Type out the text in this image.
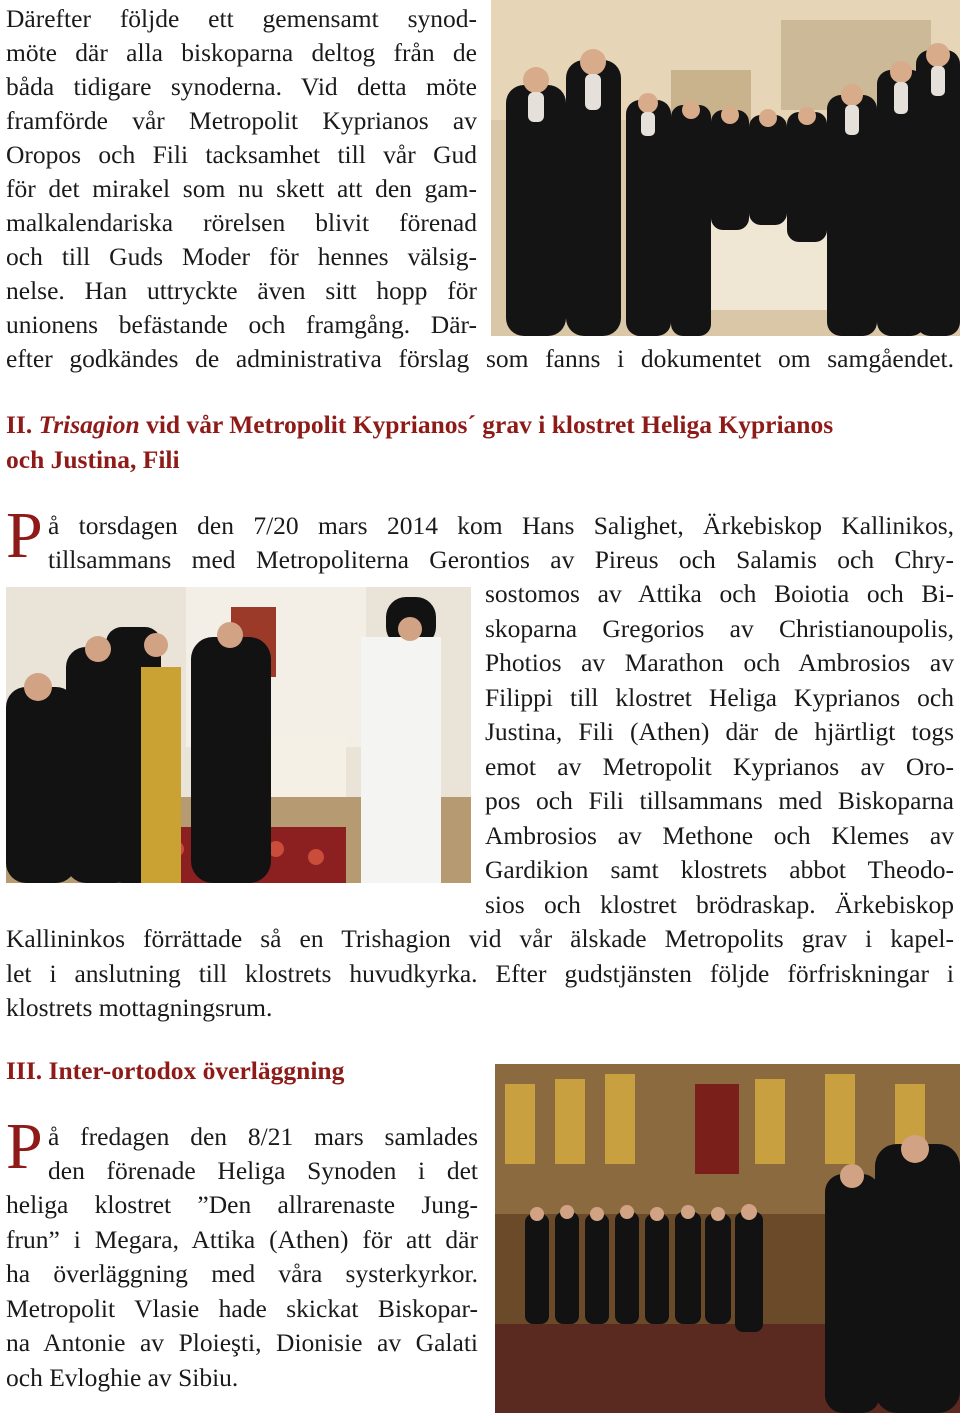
Därefter följde ett gemensamt synod-

möte där alla biskoparna deltog från de

båda tidigare synoderna. Vid detta möte

framförde vår Metropolit Kyprianos av

Oropos och Fili tacksamhet till vår Gud

för det mirakel som nu skett att den gam-

malkalendariska rörelsen blivit förenad

och till Guds Moder för hennes välsig-

nelse. Han uttryckte även sitt hopp för

unionens befästande och framgång. Där-

efter godkändes de administrativa förslag som fanns i dokumentet om samgåendet.

II. Trisagion vid vår Metropolit Kyprianos´ grav i klostret Heliga Kyprianos

och Justina, Fili

P å torsdagen den 7/20 mars 2014 kom Hans Salighet, Ärkebiskop Kallinikos,

tillsammans med Metropoliterna Gerontios av Pireus och Salamis och Chry-

sostomos av Attika och Boiotia och Bi-

skoparna Gregorios av Christianoupolis,

Photios av Marathon och Ambrosios av

Filippi till klostret Heliga Kyprianos och

Justina, Fili (Athen) där de hjärtligt togs

emot av Metropolit Kyprianos av Oro-

pos och Fili tillsammans med Biskoparna

Ambrosios av Methone och Klemes av

Gardikion samt klostrets abbot Theodo-

sios och klostret brödraskap. Ärkebiskop

Kallininkos förrättade så en Trishagion vid vår älskade Metropolits grav i kapel-

let i anslutning till klostrets huvudkyrka. Efter gudstjänsten följde förfriskningar i

klostrets mottagningsrum.

III. Inter-ortodox överläggning

P å fredagen den 8/21 mars samlades

den förenade Heliga Synoden i det

heliga klostret ”Den allrarenaste Jung-

frun” i Megara, Attika (Athen) för att där

ha överläggning med våra systerkyrkor.

Metropolit Vlasie hade skickat Biskopar-

na Antonie av Ploieşti, Dionisie av Galati

och Evloghie av Sibiu.
